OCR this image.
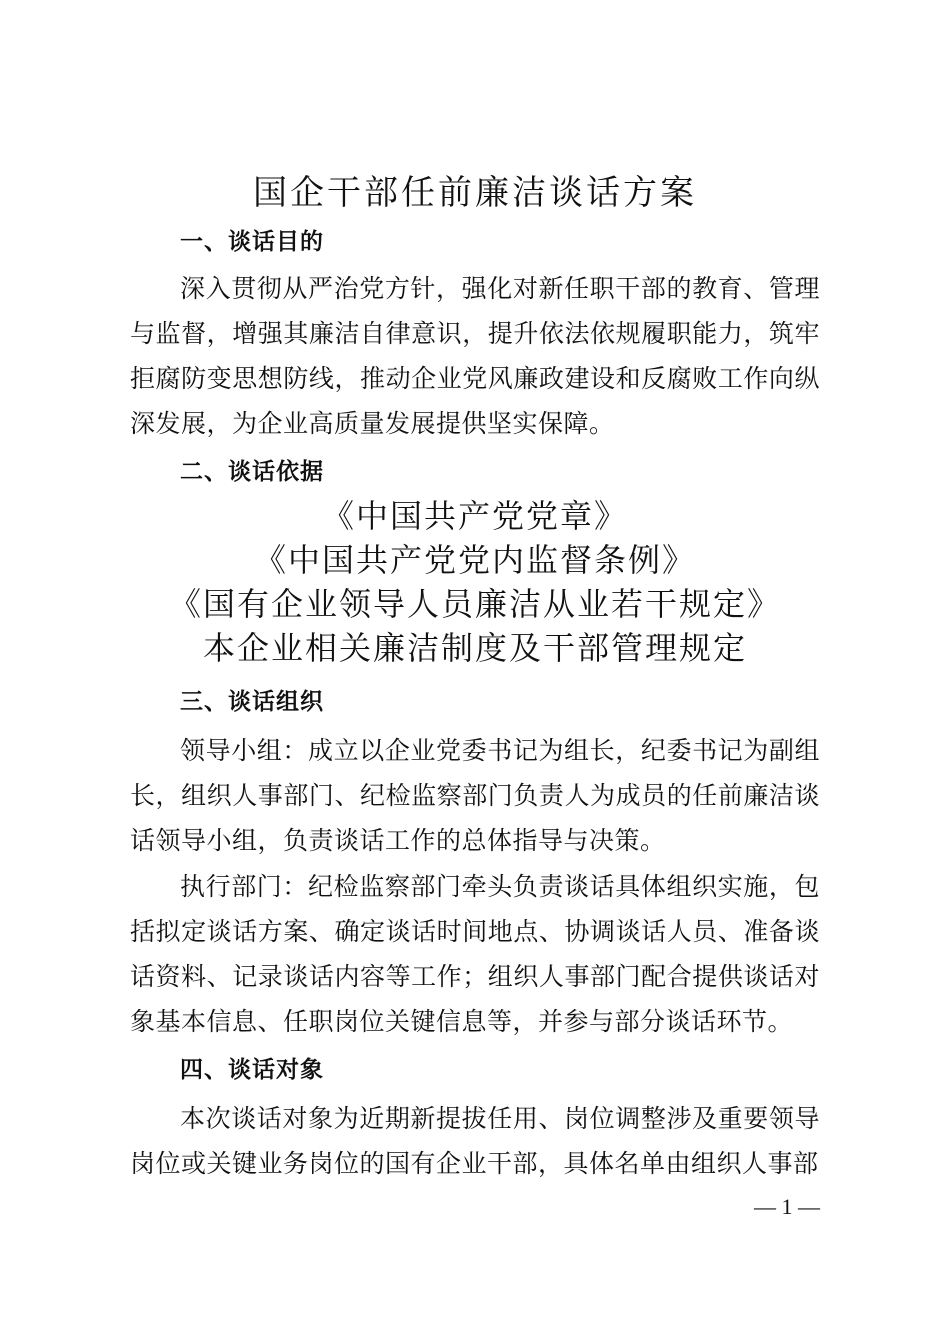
国企干部任前廉洁谈话方案
一、谈话目的
深入贯彻从严治党方针，强化对新任职干部的教育、管理与监督，增强其廉洁自律意识，提升依法依规履职能力，筑牢拒腐防变思想防线，推动企业党风廉政建设和反腐败工作向纵深发展，为企业高质量发展提供坚实保障。
二、谈话依据
《中国共产党党章》
《中国共产党党内监督条例》
《国有企业领导人员廉洁从业若干规定》
本企业相关廉洁制度及干部管理规定
三、谈话组织
领导小组：成立以企业党委书记为组长，纪委书记为副组长，组织人事部门、纪检监察部门负责人为成员的任前廉洁谈话领导小组，负责谈话工作的总体指导与决策。
执行部门：纪检监察部门牵头负责谈话具体组织实施，包括拟定谈话方案、确定谈话时间地点、协调谈话人员、准备谈话资料、记录谈话内容等工作；组织人事部门配合提供谈话对象基本信息、任职岗位关键信息等，并参与部分谈话环节。
四、谈话对象
本次谈话对象为近期新提拔任用、岗位调整涉及重要领导岗位或关键业务岗位的国有企业干部，具体名单由组织人事部
— 1 —
